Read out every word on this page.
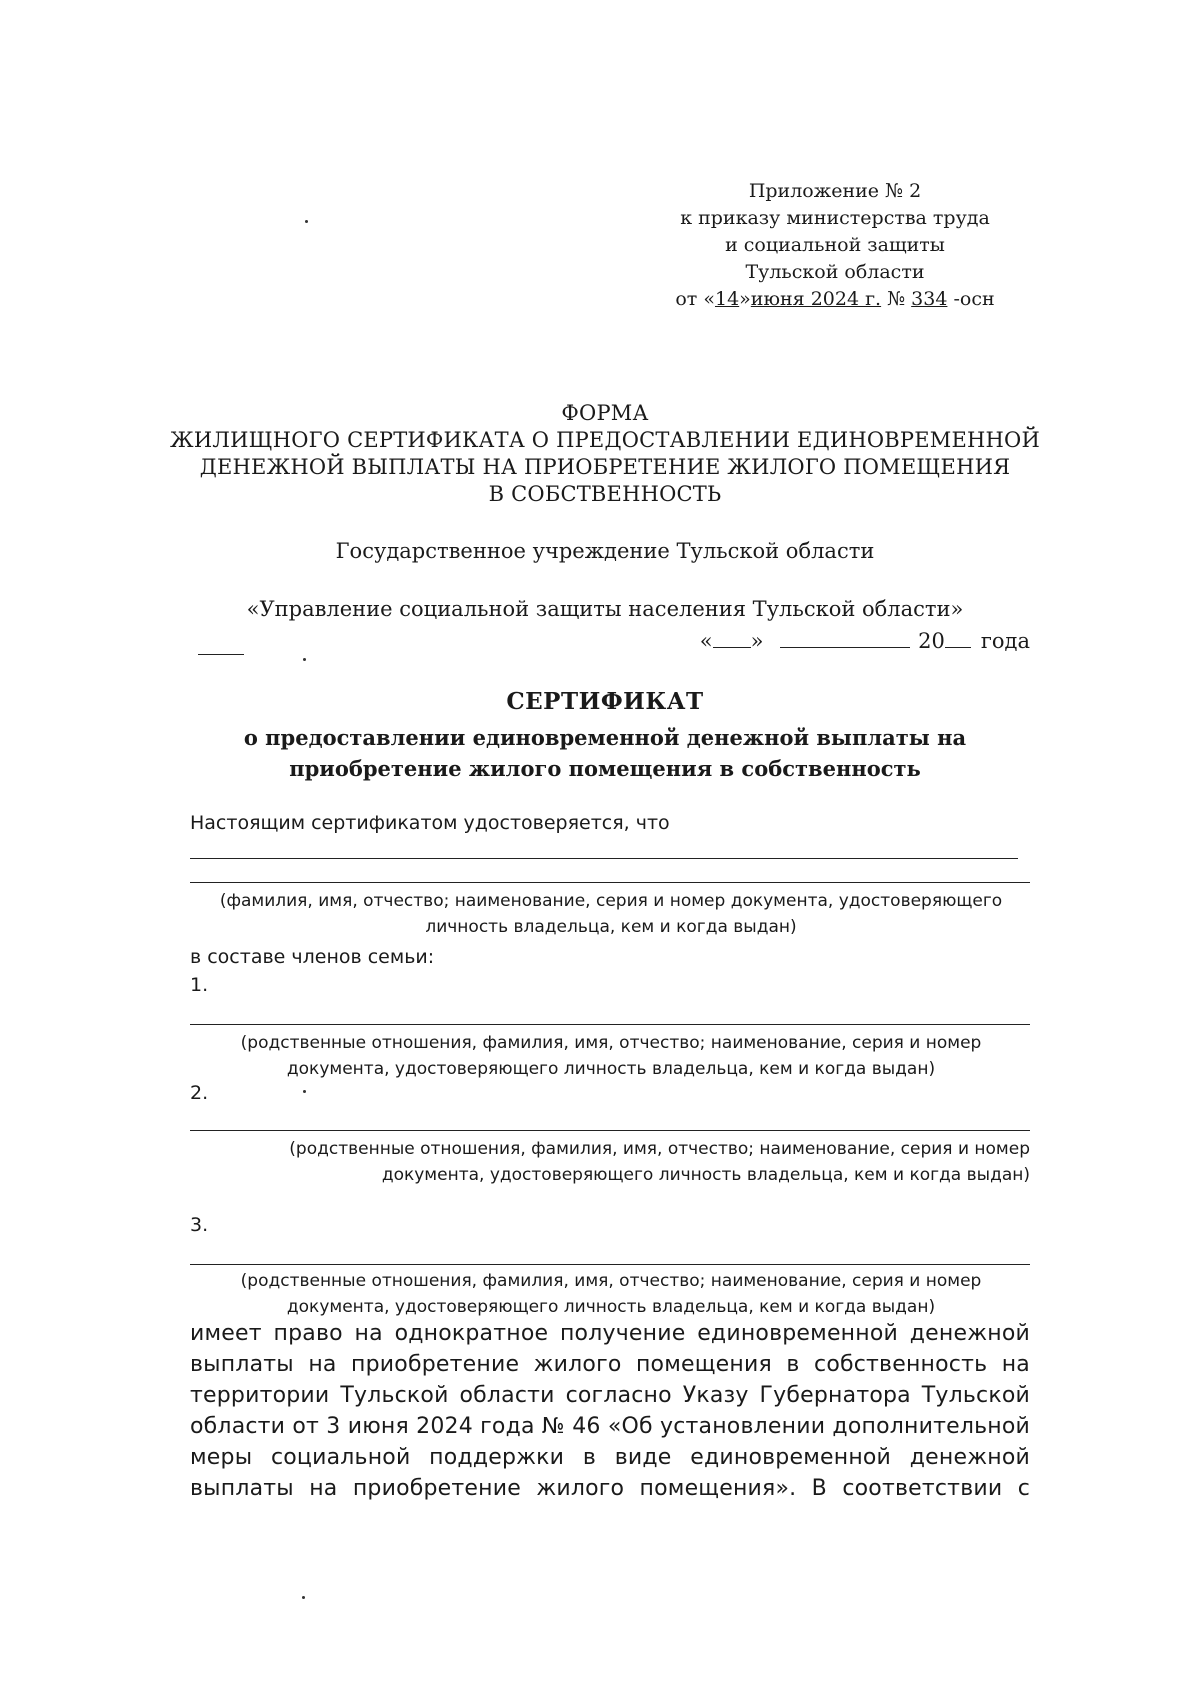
Приложение № 2
к приказу министерства труда
и социальной защиты
Тульской области
от «14»июня 2024 г. № 334 -осн
ФОРМА
ЖИЛИЩНОГО СЕРТИФИКАТА О ПРЕДОСТАВЛЕНИИ ЕДИНОВРЕМЕННОЙ
ДЕНЕЖНОЙ ВЫПЛАТЫ НА ПРИОБРЕТЕНИЕ ЖИЛОГО ПОМЕЩЕНИЯ
В СОБСТВЕННОСТЬ
Государственное учреждение Тульской области
«Управление социальной защиты населения Тульской области»
« »	20 года
СЕРТИФИКАТ
о предоставлении единовременной денежной выплаты на
приобретение жилого помещения в собственность
Настоящим сертификатом удостоверяется, что
(фамилия, имя, отчество; наименование, серия и номер документа, удостоверяющего
личность владельца, кем и когда выдан)
в составе членов семьи:
1.
(родственные отношения, фамилия, имя, отчество; наименование, серия и номер
документа, удостоверяющего личность владельца, кем и когда выдан)
2.
(родственные отношения, фамилия, имя, отчество; наименование, серия и номер
документа, удостоверяющего личность владельца, кем и когда выдан)
3.
(родственные отношения, фамилия, имя, отчество; наименование, серия и номер
документа, удостоверяющего личность владельца, кем и когда выдан)
имеет право на однократное получение единовременной денежной
выплаты на приобретение жилого помещения в собственность на
территории Тульской области согласно Указу Губернатора Тульской
области от 3 июня 2024 года № 46 «Об установлении дополнительной
меры социальной поддержки в виде единовременной денежной
выплаты на приобретение жилого помещения». В соответствии с
